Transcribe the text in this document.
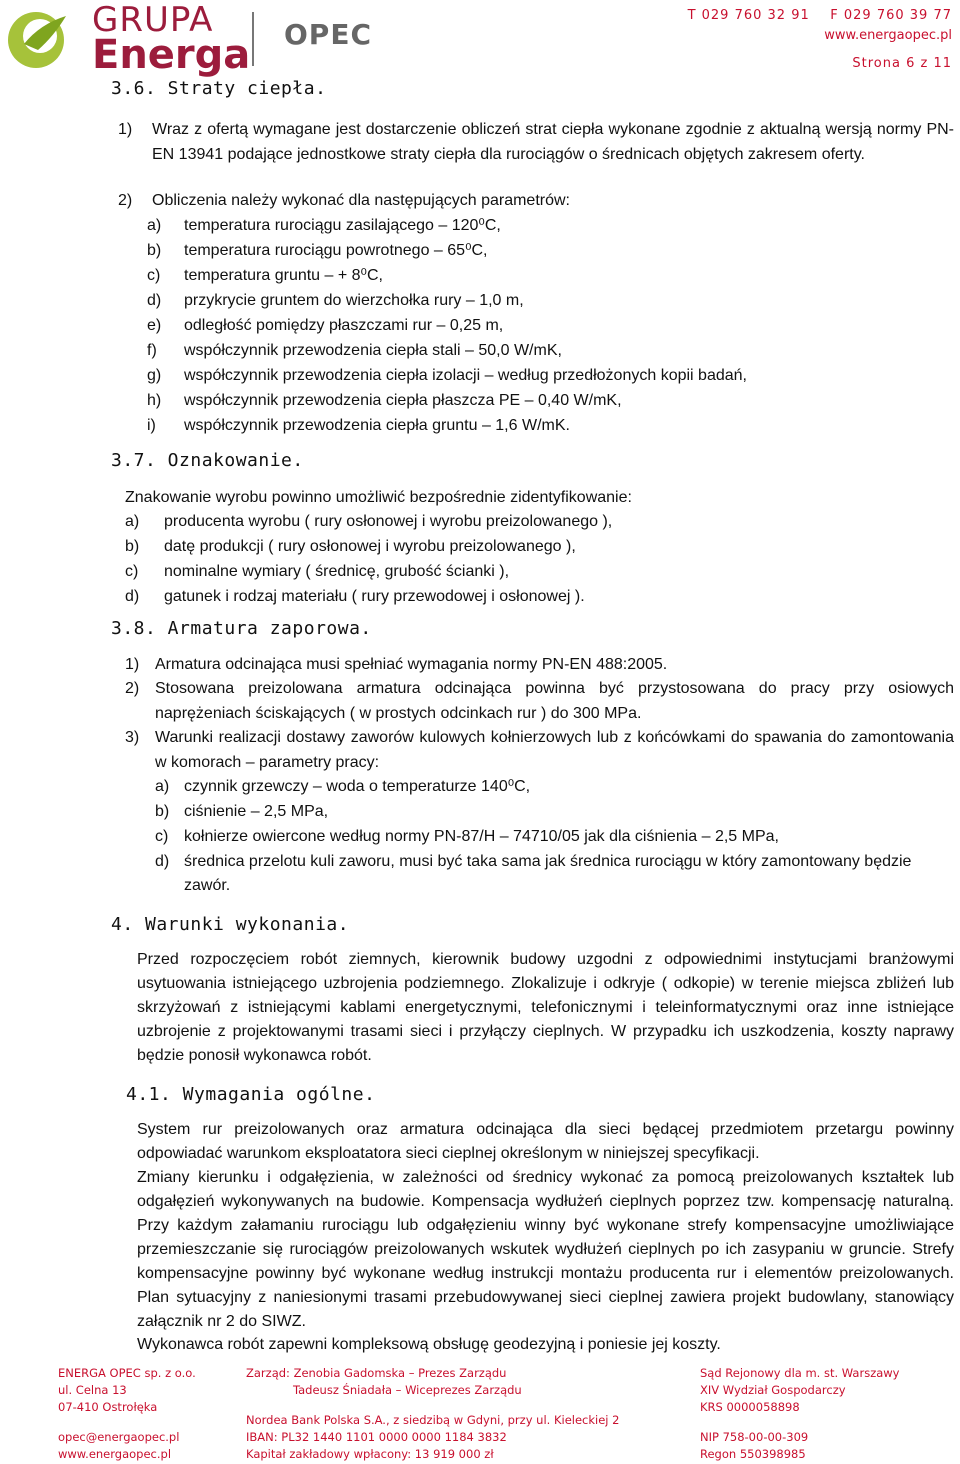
GRUPA
Energa OPEC
T 029 760 32 91    F 029 760 39 77
www.energaopec.pl
Strona 6 z 11
3.6. Straty ciepła.
1) Wraz z ofertą wymagane jest dostarczenie obliczeń strat ciepła wykonane zgodnie z aktualną wersją normy PN-EN 13941 podające jednostkowe straty ciepła dla rurociągów o średnicach objętych zakresem oferty.
2) Obliczenia należy wykonać dla następujących parametrów:
a) temperatura rurociągu zasilającego – 120⁰C,
b) temperatura rurociągu powrotnego – 65⁰C,
c) temperatura gruntu – + 8⁰C,
d) przykrycie gruntem do wierzchołka rury – 1,0 m,
e) odległość pomiędzy płaszczami rur – 0,25 m,
f) współczynnik przewodzenia ciepła stali – 50,0 W/mK,
g) współczynnik przewodzenia ciepła izolacji – według przedłożonych kopii badań,
h) współczynnik przewodzenia ciepła płaszcza PE – 0,40 W/mK,
i) współczynnik przewodzenia ciepła gruntu – 1,6 W/mK.
3.7. Oznakowanie.
Znakowanie wyrobu powinno umożliwić bezpośrednie zidentyfikowanie:
a) producenta wyrobu ( rury osłonowej i wyrobu preizolowanego ),
b) datę produkcji ( rury osłonowej i wyrobu preizolowanego ),
c) nominalne wymiary ( średnicę, grubość ścianki ),
d) gatunek i rodzaj materiału ( rury przewodowej i osłonowej ).
3.8. Armatura zaporowa.
1) Armatura odcinająca musi spełniać wymagania normy PN-EN 488:2005.
2) Stosowana preizolowana armatura odcinająca powinna być przystosowana do pracy przy osiowych naprężeniach ściskających ( w prostych odcinkach rur ) do 300 MPa.
3) Warunki realizacji dostawy zaworów kulowych kołnierzowych lub z końcówkami do spawania do zamontowania w komorach – parametry pracy:
a) czynnik grzewczy – woda o temperaturze 140⁰C,
b) ciśnienie – 2,5 MPa,
c) kołnierze owiercone według normy PN-87/H – 74710/05 jak dla ciśnienia – 2,5 MPa,
d) średnica przelotu kuli zaworu, musi być taka sama jak średnica rurociągu w który zamontowany będzie zawór.
4. Warunki wykonania.
Przed rozpoczęciem robót ziemnych, kierownik budowy uzgodni z odpowiednimi instytucjami branżowymi usytuowania istniejącego uzbrojenia podziemnego. Zlokalizuje i odkryje ( odkopie) w terenie miejsca zbliżeń lub skrzyżowań z istniejącymi kablami energetycznymi, telefonicznymi i teleinformatycznymi oraz inne istniejące uzbrojenie z projektowanymi trasami sieci i przyłączy cieplnych. W przypadku ich uszkodzenia, koszty naprawy będzie ponosił wykonawca robót.
4.1. Wymagania ogólne.
System rur preizolowanych oraz armatura odcinająca dla sieci będącej przedmiotem przetargu powinny odpowiadać warunkom eksploatatora sieci cieplnej określonym w niniejszej specyfikacji.
Zmiany kierunku i odgałęzienia, w zależności od średnicy wykonać za pomocą preizolowanych kształtek lub odgałęzień wykonywanych na budowie. Kompensacja wydłużeń cieplnych poprzez tzw. kompensację naturalną. Przy każdym załamaniu rurociągu lub odgałęzieniu winny być wykonane strefy kompensacyjne umożliwiające przemieszczanie się rurociągów preizolowanych wskutek wydłużeń cieplnych po ich zasypaniu w gruncie. Strefy kompensacyjne powinny być wykonane według instrukcji montażu producenta rur i elementów preizolowanych. Plan sytuacyjny z naniesionymi trasami przebudowywanej sieci cieplnej zawiera projekt budowlany, stanowiący załącznik nr 2 do SIWZ.
Wykonawca robót zapewni kompleksową obsługę geodezyjną i poniesie jej koszty.
ENERGA OPEC sp. z o.o.
ul. Celna 13
07-410 Ostrołęka
opec@energaopec.pl
www.energaopec.pl
Zarząd: Zenobia Gadomska – Prezes Zarządu
Tadeusz Śniadała – Wiceprezes Zarządu
Nordea Bank Polska S.A., z siedzibą w Gdyni, przy ul. Kieleckiej 2
IBAN: PL32 1440 1101 0000 0000 1184 3832
Kapitał zakładowy wpłacony: 13 919 000 zł
Sąd Rejonowy dla m. st. Warszawy
XIV Wydział Gospodarczy
KRS 0000058898
NIP 758-00-00-309
Regon 550398985
